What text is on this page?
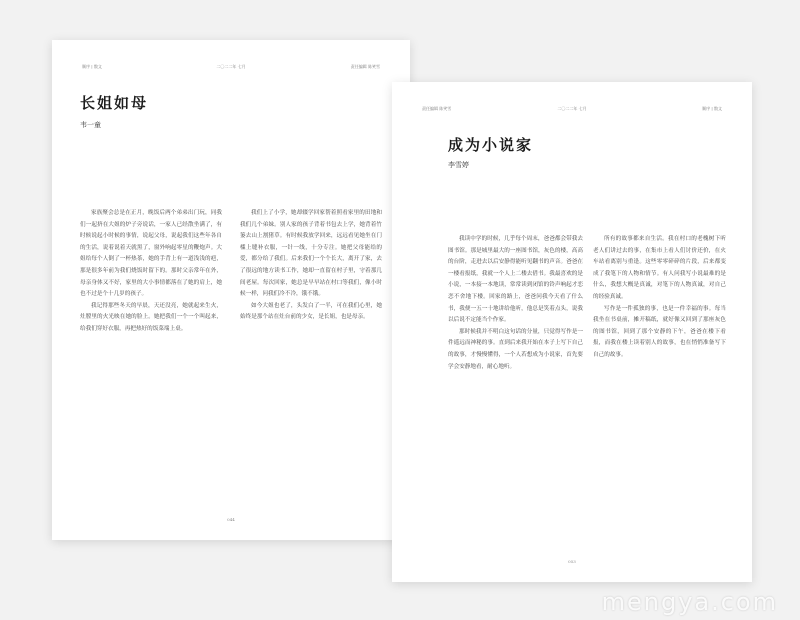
顺序 | 散文	二〇二二年 七月	责任编辑 陈笑雪
长姐如母
韦一童

家族聚会总是在正月，晚饭后两个弟弟出门玩，同我们一起挤在大姐的炉子旁说话，一家人已经散坐满了，有时候说起小时候的事情，说起父母，说起我们这些年各自的生活，说着说着天就黑了，窗外响起零星的鞭炮声。大姐给每个人倒了一杯热茶，她的手背上有一道浅浅的疤，那是很多年前为我们烧饭时留下的。那时父亲常年在外，母亲身体又不好，家里的大小事情都落在了她的肩上，她也不过是个十几岁的孩子。

我记得那些冬天的早晨，天还没亮，她就起来生火，灶膛里的火光映在她的脸上。她把我们一个一个叫起来，给我们穿好衣服，再把热好的饭菜端上桌。

我们上了小学，她却辍学回家帮着照看家里的田地和我们几个弟妹。别人家的孩子背着书包去上学，她背着竹篓去山上割猪草。有时候我放学回来，远远看见她坐在门槛上缝补衣服，一针一线，十分专注。她把父母能给的爱，都分给了我们。后来我们一个个长大，离开了家，去了很远的地方读书工作，她却一直留在村子里，守着那几间老屋。每次回家，她总是早早站在村口等我们，像小时候一样，问我们冷不冷，饿不饿。

如今大姐也老了，头发白了一半，可在我们心里，她始终是那个站在灶台前的少女，是长姐，也是母亲。

044
责任编辑 陈笑雪	二〇二二年 七月	顺序 | 散文
成为小说家
李雪婷

我读中学的时候，几乎每个周末，爸爸都会带我去图书馆。那是城里最大的一座图书馆，灰色的楼，高高的台阶，走进去以后安静得能听见翻书的声音。爸爸在一楼看报纸，我就一个人上二楼去借书。我最喜欢的是小说，一本接一本地读，常常读到闭馆的铃声响起才恋恋不舍地下楼。回家的路上，爸爸问我今天看了什么书，我便一五一十地讲给他听，他总是笑着点头，说我以后说不定能当个作家。

那时候我并不明白这句话的分量，只觉得写作是一件遥远而神秘的事。直到后来我开始在本子上写下自己的故事，才慢慢懂得，一个人若想成为小说家，首先要学会安静地看，耐心地听。

所有的故事都来自生活。我在村口的老槐树下听老人们讲过去的事，在集市上看人们讨价还价，在火车站看离别与重逢。这些零零碎碎的片段，后来都变成了我笔下的人物和情节。有人问我写小说最难的是什么，我想大概是真诚，对笔下的人物真诚，对自己的经验真诚。

写作是一件孤独的事，也是一件幸福的事。每当我坐在书桌前，摊开稿纸，就好像又回到了那座灰色的图书馆，回到了那个安静的下午，爸爸在楼下看报，而我在楼上读着别人的故事，也在悄悄准备写下自己的故事。

053
mengya.com
